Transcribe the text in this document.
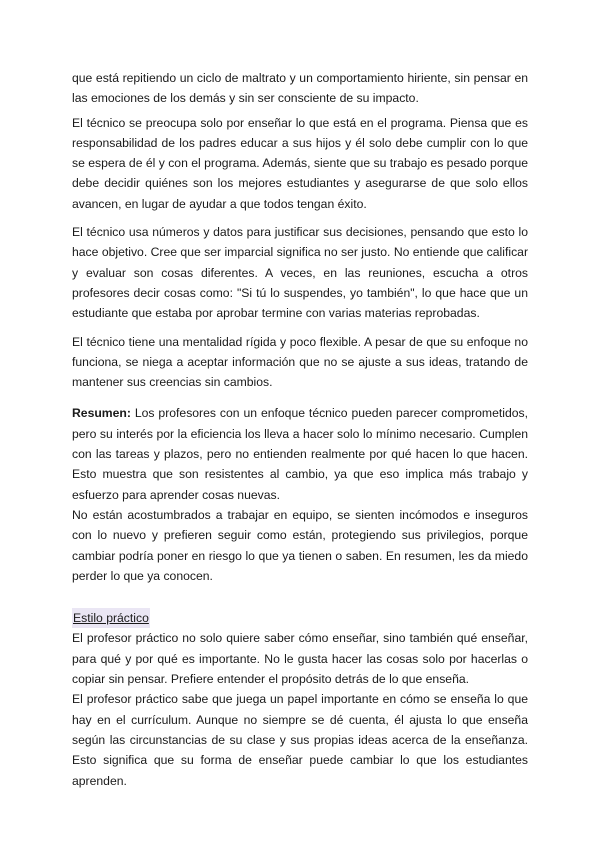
que está repitiendo un ciclo de maltrato y un comportamiento hiriente, sin pensar en las emociones de los demás y sin ser consciente de su impacto.

El técnico se preocupa solo por enseñar lo que está en el programa. Piensa que es responsabilidad de los padres educar a sus hijos y él solo debe cumplir con lo que se espera de él y con el programa. Además, siente que su trabajo es pesado porque debe decidir quiénes son los mejores estudiantes y asegurarse de que solo ellos avancen, en lugar de ayudar a que todos tengan éxito.

El técnico usa números y datos para justificar sus decisiones, pensando que esto lo hace objetivo. Cree que ser imparcial significa no ser justo. No entiende que calificar y evaluar son cosas diferentes. A veces, en las reuniones, escucha a otros profesores decir cosas como: "Si tú lo suspendes, yo también", lo que hace que un estudiante que estaba por aprobar termine con varias materias reprobadas.

El técnico tiene una mentalidad rígida y poco flexible. A pesar de que su enfoque no funciona, se niega a aceptar información que no se ajuste a sus ideas, tratando de mantener sus creencias sin cambios.

Resumen: Los profesores con un enfoque técnico pueden parecer comprometidos, pero su interés por la eficiencia los lleva a hacer solo lo mínimo necesario. Cumplen con las tareas y plazos, pero no entienden realmente por qué hacen lo que hacen. Esto muestra que son resistentes al cambio, ya que eso implica más trabajo y esfuerzo para aprender cosas nuevas.

No están acostumbrados a trabajar en equipo, se sienten incómodos e inseguros con lo nuevo y prefieren seguir como están, protegiendo sus privilegios, porque cambiar podría poner en riesgo lo que ya tienen o saben. En resumen, les da miedo perder lo que ya conocen.

Estilo práctico

El profesor práctico no solo quiere saber cómo enseñar, sino también qué enseñar, para qué y por qué es importante. No le gusta hacer las cosas solo por hacerlas o copiar sin pensar. Prefiere entender el propósito detrás de lo que enseña.

El profesor práctico sabe que juega un papel importante en cómo se enseña lo que hay en el currículum. Aunque no siempre se dé cuenta, él ajusta lo que enseña según las circunstancias de su clase y sus propias ideas acerca de la enseñanza. Esto significa que su forma de enseñar puede cambiar lo que los estudiantes aprenden.
